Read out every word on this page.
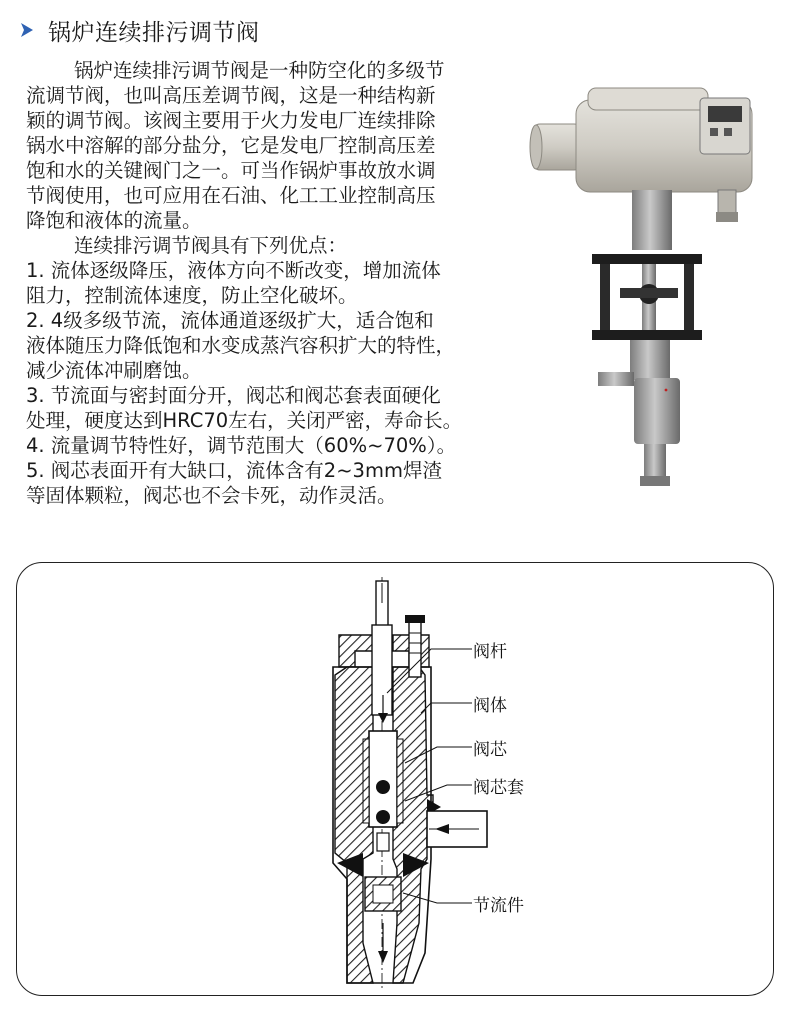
锅炉连续排污调节阀

锅炉连续排污调节阀是一种防空化的多级节

流调节阀，也叫高压差调节阀，这是一种结构新

颖的调节阀。该阀主要用于火力发电厂连续排除

锅水中溶解的部分盐分，它是发电厂控制高压差

饱和水的关键阀门之一。可当作锅炉事故放水调

节阀使用，也可应用在石油、化工工业控制高压

降饱和液体的流量。

连续排污调节阀具有下列优点：

1. 流体逐级降压，液体方向不断改变，增加流体

阻力，控制流体速度，防止空化破坏。

2. 4级多级节流，流体通道逐级扩大，适合饱和

液体随压力降低饱和水变成蒸汽容积扩大的特性，

减少流体冲刷磨蚀。

3. 节流面与密封面分开，阀芯和阀芯套表面硬化

处理，硬度达到HRC70左右，关闭严密，寿命长。

4. 流量调节特性好，调节范围大（60%~70%）。

5. 阀芯表面开有大缺口，流体含有2~3mm焊渣

等固体颗粒，阀芯也不会卡死，动作灵活。

阀杆
阀体
阀芯
阀芯套
节流件
